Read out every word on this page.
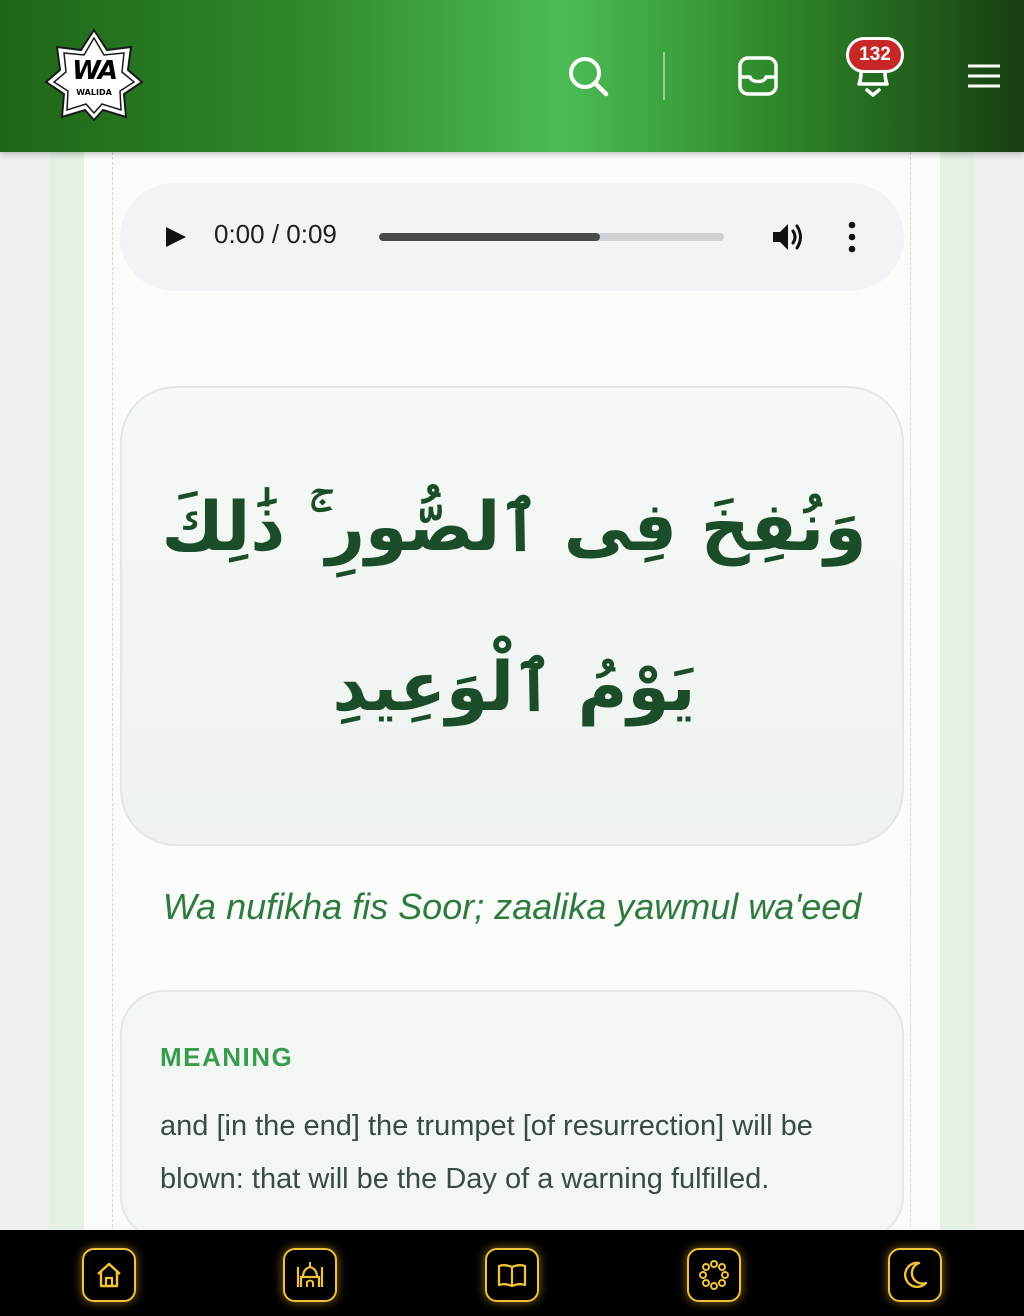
WA
WALIDA
132
0:00 / 0:09
وَنُفِخَ فِى ٱلصُّورِ ۚ ذَٰلِكَ يَوْمُ ٱلْوَعِيدِ
Wa nufikha fis Soor; zaalika yawmul wa'eed
MEANING
and [in the end] the trumpet [of resurrection] will be blown: that will be the Day of a warning fulfilled.
